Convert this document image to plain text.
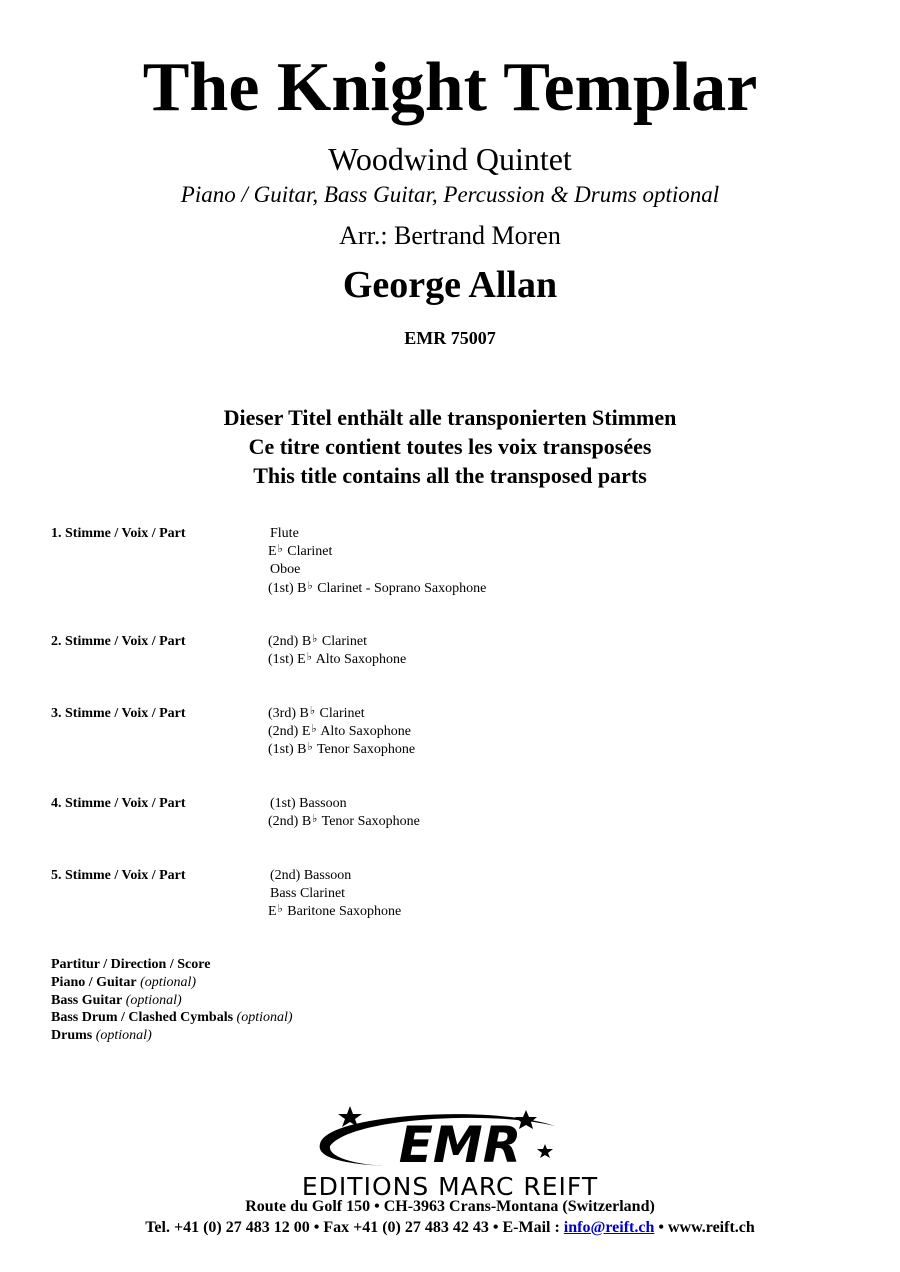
The Knight Templar
Woodwind Quintet
Piano / Guitar, Bass Guitar, Percussion & Drums optional
Arr.: Bertrand Moren
George Allan
EMR 75007
Dieser Titel enthält alle transponierten Stimmen
Ce titre contient toutes les voix transposées
This title contains all the transposed parts
1. Stimme / Voix / Part	Flute
E♭ Clarinet
Oboe
(1st) B♭ Clarinet - Soprano Saxophone
2. Stimme / Voix / Part	(2nd) B♭ Clarinet
(1st) E♭ Alto Saxophone
3. Stimme / Voix / Part	(3rd) B♭ Clarinet
(2nd) E♭ Alto Saxophone
(1st) B♭ Tenor Saxophone
4. Stimme / Voix / Part	(1st) Bassoon
(2nd) B♭ Tenor Saxophone
5. Stimme / Voix / Part	(2nd) Bassoon
Bass Clarinet
E♭ Baritone Saxophone
Partitur / Direction / Score
Piano / Guitar (optional)
Bass Guitar (optional)
Bass Drum / Clashed Cymbals (optional)
Drums (optional)
EMR
EDITIONS MARC REIFT
Route du Golf 150 • CH-3963 Crans-Montana (Switzerland)
Tel. +41 (0) 27 483 12 00 • Fax +41 (0) 27 483 42 43 • E-Mail : info@reift.ch • www.reift.ch
